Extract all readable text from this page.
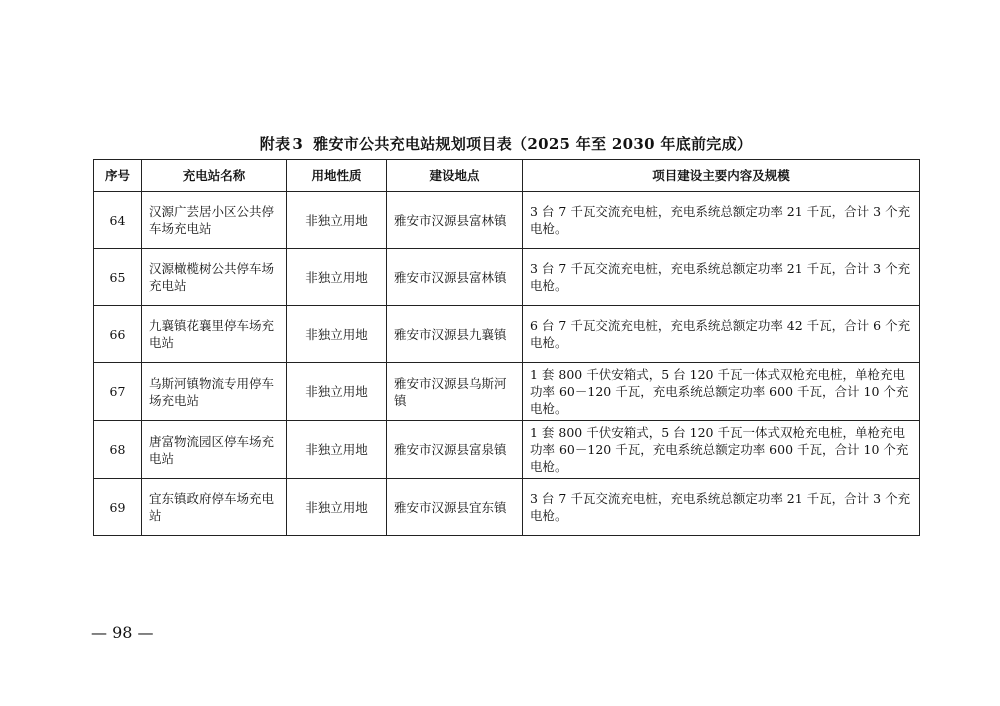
附表 3 雅安市公共充电站规划项目表（2025 年至 2030 年底前完成）
序号	充电站名称	用地性质	建设地点	项目建设主要内容及规模
64	汉源广芸居小区公共停车场充电站	非独立用地	雅安市汉源县富林镇	3 台 7 千瓦交流充电桩，充电系统总额定功率 21 千瓦，合计 3 个充电枪。
65	汉源橄榄树公共停车场充电站	非独立用地	雅安市汉源县富林镇	3 台 7 千瓦交流充电桩，充电系统总额定功率 21 千瓦，合计 3 个充电枪。
66	九襄镇花襄里停车场充电站	非独立用地	雅安市汉源县九襄镇	6 台 7 千瓦交流充电桩，充电系统总额定功率 42 千瓦，合计 6 个充电枪。
67	乌斯河镇物流专用停车场充电站	非独立用地	雅安市汉源县乌斯河镇	1 套 800 千伏安箱式，5 台 120 千瓦一体式双枪充电桩，单枪充电功率 60－120 千瓦，充电系统总额定功率 600 千瓦，合计 10 个充电枪。
68	唐富物流园区停车场充电站	非独立用地	雅安市汉源县富泉镇	1 套 800 千伏安箱式，5 台 120 千瓦一体式双枪充电桩，单枪充电功率 60－120 千瓦，充电系统总额定功率 600 千瓦，合计 10 个充电枪。
69	宜东镇政府停车场充电站	非独立用地	雅安市汉源县宜东镇	3 台 7 千瓦交流充电桩，充电系统总额定功率 21 千瓦，合计 3 个充电枪。
— 98 —
